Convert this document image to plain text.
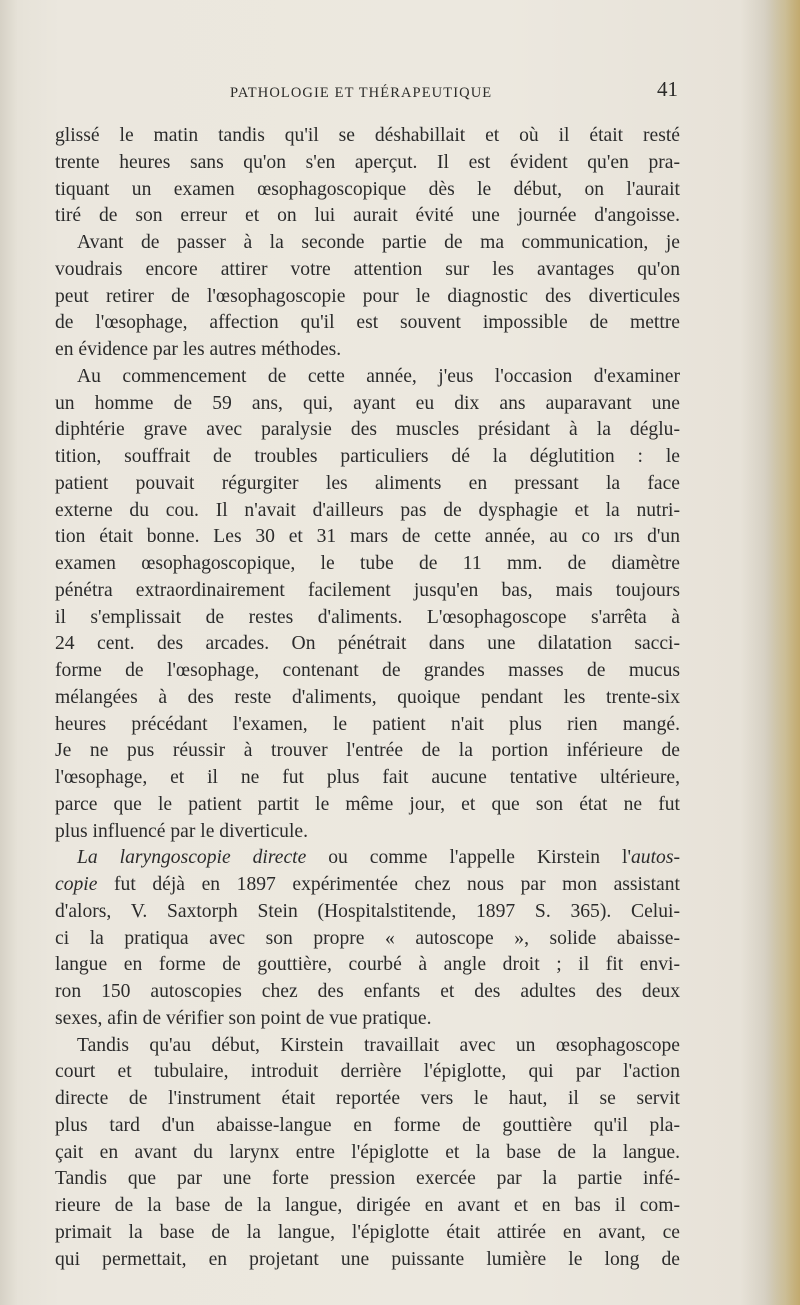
PATHOLOGIE ET THÉRAPEUTIQUE	41
glissé le matin tandis qu'il se déshabillait et où il était resté
trente heures sans qu'on s'en aperçut. Il est évident qu'en pra-
tiquant un examen œsophagoscopique dès le début, on l'aurait
tiré de son erreur et on lui aurait évité une journée d'angoisse.
Avant de passer à la seconde partie de ma communication, je
voudrais encore attirer votre attention sur les avantages qu'on
peut retirer de l'œsophagoscopie pour le diagnostic des diverticules
de l'œsophage, affection qu'il est souvent impossible de mettre
en évidence par les autres méthodes.
Au commencement de cette année, j'eus l'occasion d'examiner
un homme de 59 ans, qui, ayant eu dix ans auparavant une
diphtérie grave avec paralysie des muscles présidant à la déglu-
tition, souffrait de troubles particuliers dé la déglutition : le
patient pouvait régurgiter les aliments en pressant la face
externe du cou. Il n'avait d'ailleurs pas de dysphagie et la nutri-
tion était bonne. Les 30 et 31 mars de cette année, au co ırs d'un
examen œsophagoscopique, le tube de 11 mm. de diamètre
pénétra extraordinairement facilement jusqu'en bas, mais toujours
il s'emplissait de restes d'aliments. L'œsophagoscope s'arrêta à
24 cent. des arcades. On pénétrait dans une dilatation sacci-
forme de l'œsophage, contenant de grandes masses de mucus
mélangées à des reste d'aliments, quoique pendant les trente-six
heures précédant l'examen, le patient n'ait plus rien mangé.
Je ne pus réussir à trouver l'entrée de la portion inférieure de
l'œsophage, et il ne fut plus fait aucune tentative ultérieure,
parce que le patient partit le même jour, et que son état ne fut
plus influencé par le diverticule.
La laryngoscopie directe ou comme l'appelle Kirstein l'autos-
copie fut déjà en 1897 expérimentée chez nous par mon assistant
d'alors, V. Saxtorph Stein (Hospitalstitende, 1897 S. 365). Celui-
ci la pratiqua avec son propre « autoscope », solide abaisse-
langue en forme de gouttière, courbé à angle droit ; il fit envi-
ron 150 autoscopies chez des enfants et des adultes des deux
sexes, afin de vérifier son point de vue pratique.
Tandis qu'au début, Kirstein travaillait avec un œsophagoscope
court et tubulaire, introduit derrière l'épiglotte, qui par l'action
directe de l'instrument était reportée vers le haut, il se servit
plus tard d'un abaisse-langue en forme de gouttière qu'il pla-
çait en avant du larynx entre l'épiglotte et la base de la langue.
Tandis que par une forte pression exercée par la partie infé-
rieure de la base de la langue, dirigée en avant et en bas il com-
primait la base de la langue, l'épiglotte était attirée en avant, ce
qui permettait, en projetant une puissante lumière le long de
